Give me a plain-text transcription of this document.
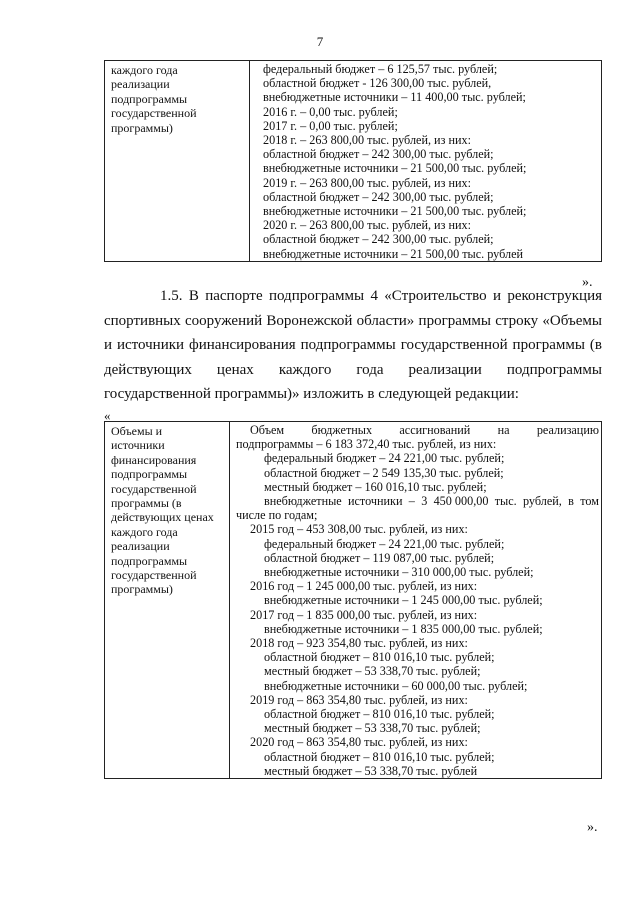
7
каждого года
реализации
подпрограммы
государственной
программы)

федеральный бюджет – 6 125,57 тыс. рублей;
областной бюджет - 126 300,00 тыс. рублей,
внебюджетные источники – 11 400,00 тыс. рублей;
2016 г. – 0,00 тыс. рублей;
2017 г. – 0,00 тыс. рублей;
2018 г. – 263 800,00 тыс. рублей, из них:
областной бюджет – 242 300,00 тыс. рублей;
внебюджетные источники – 21 500,00 тыс. рублей;
2019 г. – 263 800,00 тыс. рублей, из них:
областной бюджет – 242 300,00 тыс. рублей;
внебюджетные источники – 21 500,00 тыс. рублей;
2020 г. – 263 800,00 тыс. рублей, из них:
областной бюджет – 242 300,00 тыс. рублей;
внебюджетные источники – 21 500,00 тыс. рублей
».
1.5. В паспорте подпрограммы 4 «Строительство и реконструкция спортивных сооружений Воронежской области» программы строку «Объемы и источники финансирования подпрограммы государственной программы (в действующих ценах каждого года реализации подпрограммы государственной программы)» изложить в следующей редакции:
«
Объемы и
источники
финансирования
подпрограммы
государственной
программы (в
действующих ценах
каждого года
реализации
подпрограммы
государственной
программы)

Объем бюджетных ассигнований на реализацию
подпрограммы – 6 183 372,40 тыс. рублей, из них:
федеральный бюджет – 24 221,00 тыс. рублей;
областной бюджет – 2 549 135,30 тыс. рублей;
местный бюджет – 160 016,10 тыс. рублей;
внебюджетные источники – 3 450 000,00 тыс. рублей, в том
числе по годам;
2015 год – 453 308,00 тыс. рублей, из них:
федеральный бюджет – 24 221,00 тыс. рублей;
областной бюджет – 119 087,00 тыс. рублей;
внебюджетные источники – 310 000,00 тыс. рублей;
2016 год – 1 245 000,00 тыс. рублей, из них:
внебюджетные источники – 1 245 000,00 тыс. рублей;
2017 год – 1 835 000,00 тыс. рублей, из них:
внебюджетные источники – 1 835 000,00 тыс. рублей;
2018 год – 923 354,80 тыс. рублей, из них:
областной бюджет – 810 016,10 тыс. рублей;
местный бюджет – 53 338,70 тыс. рублей;
внебюджетные источники – 60 000,00 тыс. рублей;
2019 год – 863 354,80 тыс. рублей, из них:
областной бюджет – 810 016,10 тыс. рублей;
местный бюджет – 53 338,70 тыс. рублей;
2020 год – 863 354,80 тыс. рублей, из них:
областной бюджет – 810 016,10 тыс. рублей;
местный бюджет – 53 338,70 тыс. рублей
».
